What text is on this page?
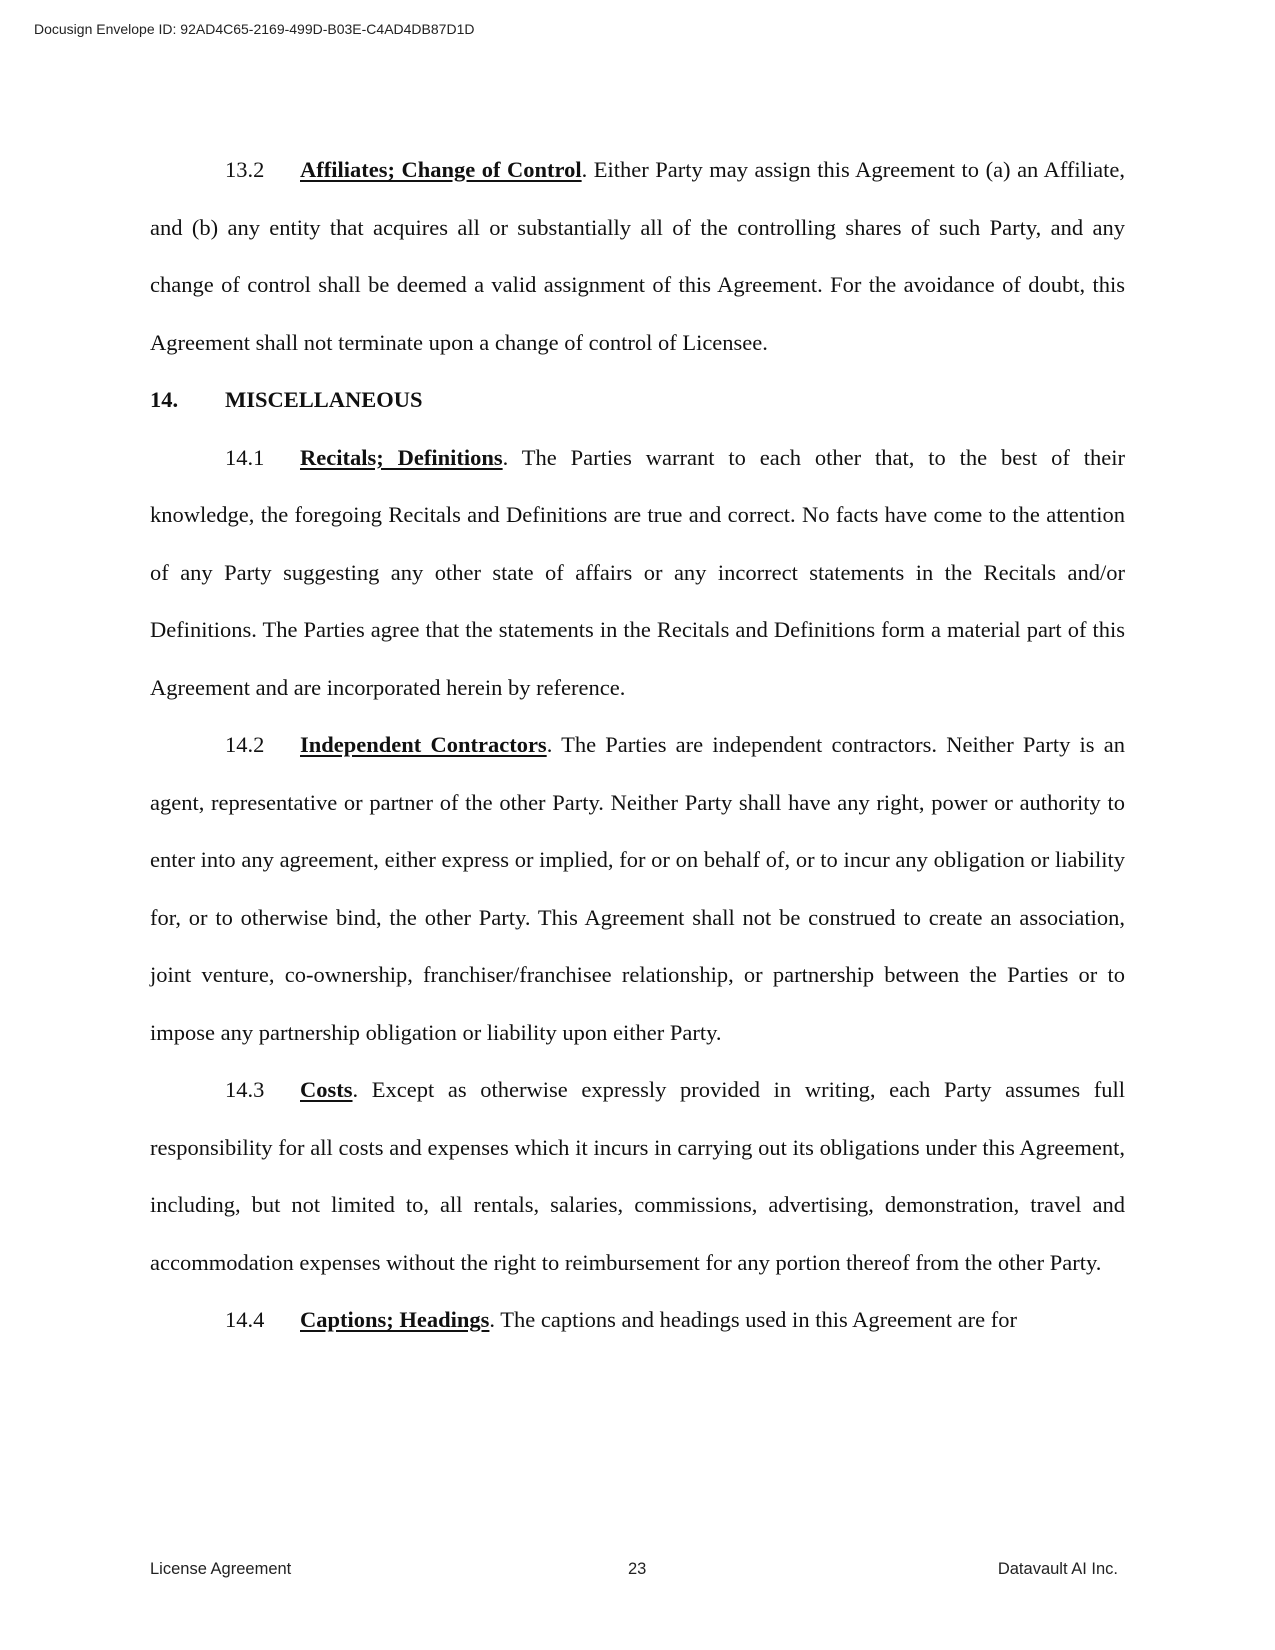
Docusign Envelope ID: 92AD4C65-2169-499D-B03E-C4AD4DB87D1D

13.2 Affiliates; Change of Control. Either Party may assign this Agreement to (a) an Affiliate, and (b) any entity that acquires all or substantially all of the controlling shares of such Party, and any change of control shall be deemed a valid assignment of this Agreement. For the avoidance of doubt, this Agreement shall not terminate upon a change of control of Licensee.

14. MISCELLANEOUS

14.1 Recitals; Definitions. The Parties warrant to each other that, to the best of their knowledge, the foregoing Recitals and Definitions are true and correct. No facts have come to the attention of any Party suggesting any other state of affairs or any incorrect statements in the Recitals and/or Definitions. The Parties agree that the statements in the Recitals and Definitions form a material part of this Agreement and are incorporated herein by reference.

14.2 Independent Contractors. The Parties are independent contractors. Neither Party is an agent, representative or partner of the other Party. Neither Party shall have any right, power or authority to enter into any agreement, either express or implied, for or on behalf of, or to incur any obligation or liability for, or to otherwise bind, the other Party. This Agreement shall not be construed to create an association, joint venture, co-ownership, franchiser/franchisee relationship, or partnership between the Parties or to impose any partnership obligation or liability upon either Party.

14.3 Costs. Except as otherwise expressly provided in writing, each Party assumes full responsibility for all costs and expenses which it incurs in carrying out its obligations under this Agreement, including, but not limited to, all rentals, salaries, commissions, advertising, demonstration, travel and accommodation expenses without the right to reimbursement for any portion thereof from the other Party.

14.4 Captions; Headings. The captions and headings used in this Agreement are for

License Agreement	23	Datavault AI Inc.
